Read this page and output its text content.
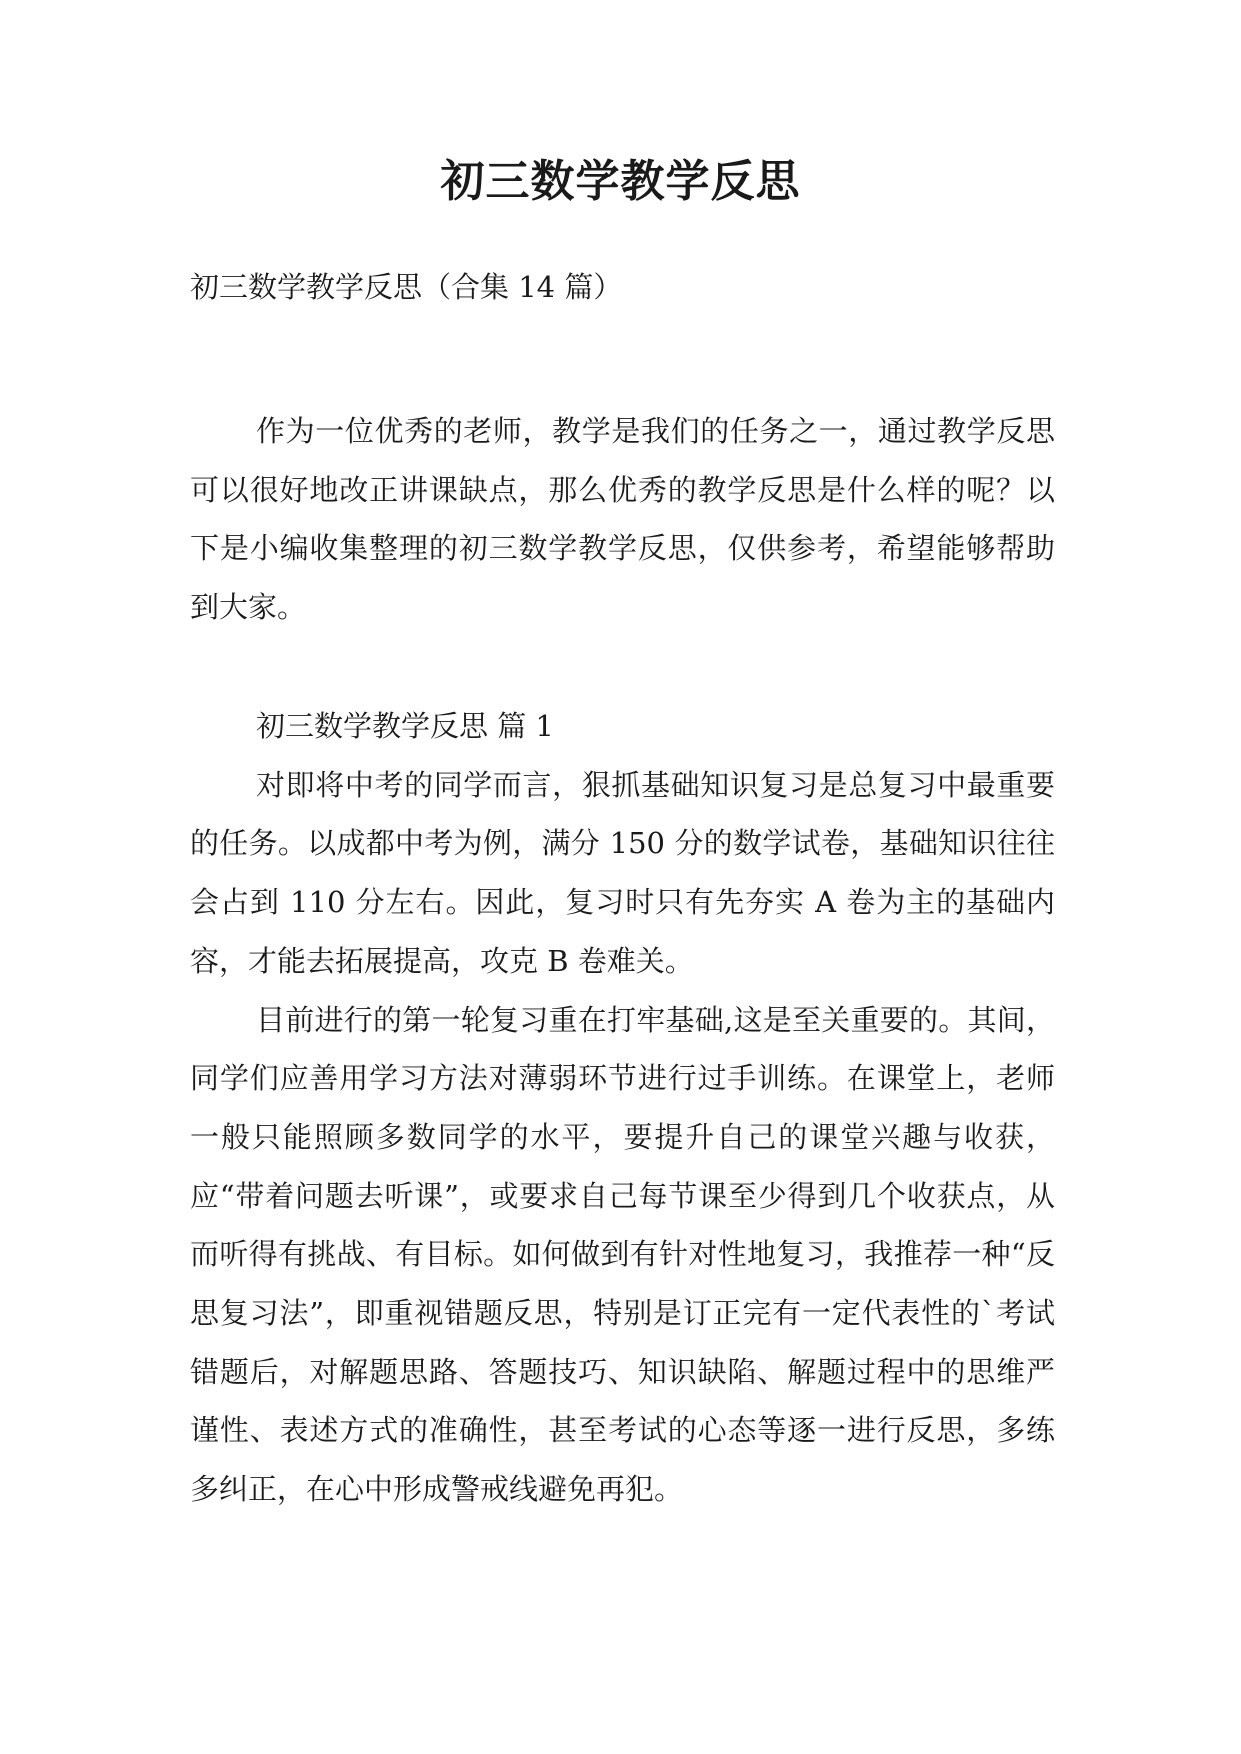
初三数学教学反思

初三数学教学反思（合集 14 篇）

作为一位优秀的老师，教学是我们的任务之一，通过教学反思可以很好地改正讲课缺点，那么优秀的教学反思是什么样的呢？以下是小编收集整理的初三数学教学反思，仅供参考，希望能够帮助到大家。

初三数学教学反思 篇 1

对即将中考的同学而言，狠抓基础知识复习是总复习中最重要的任务。以成都中考为例，满分 150 分的数学试卷，基础知识往往会占到 110 分左右。因此，复习时只有先夯实 A 卷为主的基础内容，才能去拓展提高，攻克 B 卷难关。

目前进行的第一轮复习重在打牢基础,这是至关重要的。其间，同学们应善用学习方法对薄弱环节进行过手训练。在课堂上，老师一般只能照顾多数同学的水平，要提升自己的课堂兴趣与收获，应“带着问题去听课”，或要求自己每节课至少得到几个收获点，从而听得有挑战、有目标。如何做到有针对性地复习，我推荐一种“反思复习法”，即重视错题反思，特别是订正完有一定代表性的`考试错题后，对解题思路、答题技巧、知识缺陷、解题过程中的思维严谨性、表述方式的准确性，甚至考试的心态等逐一进行反思，多练多纠正，在心中形成警戒线避免再犯。
